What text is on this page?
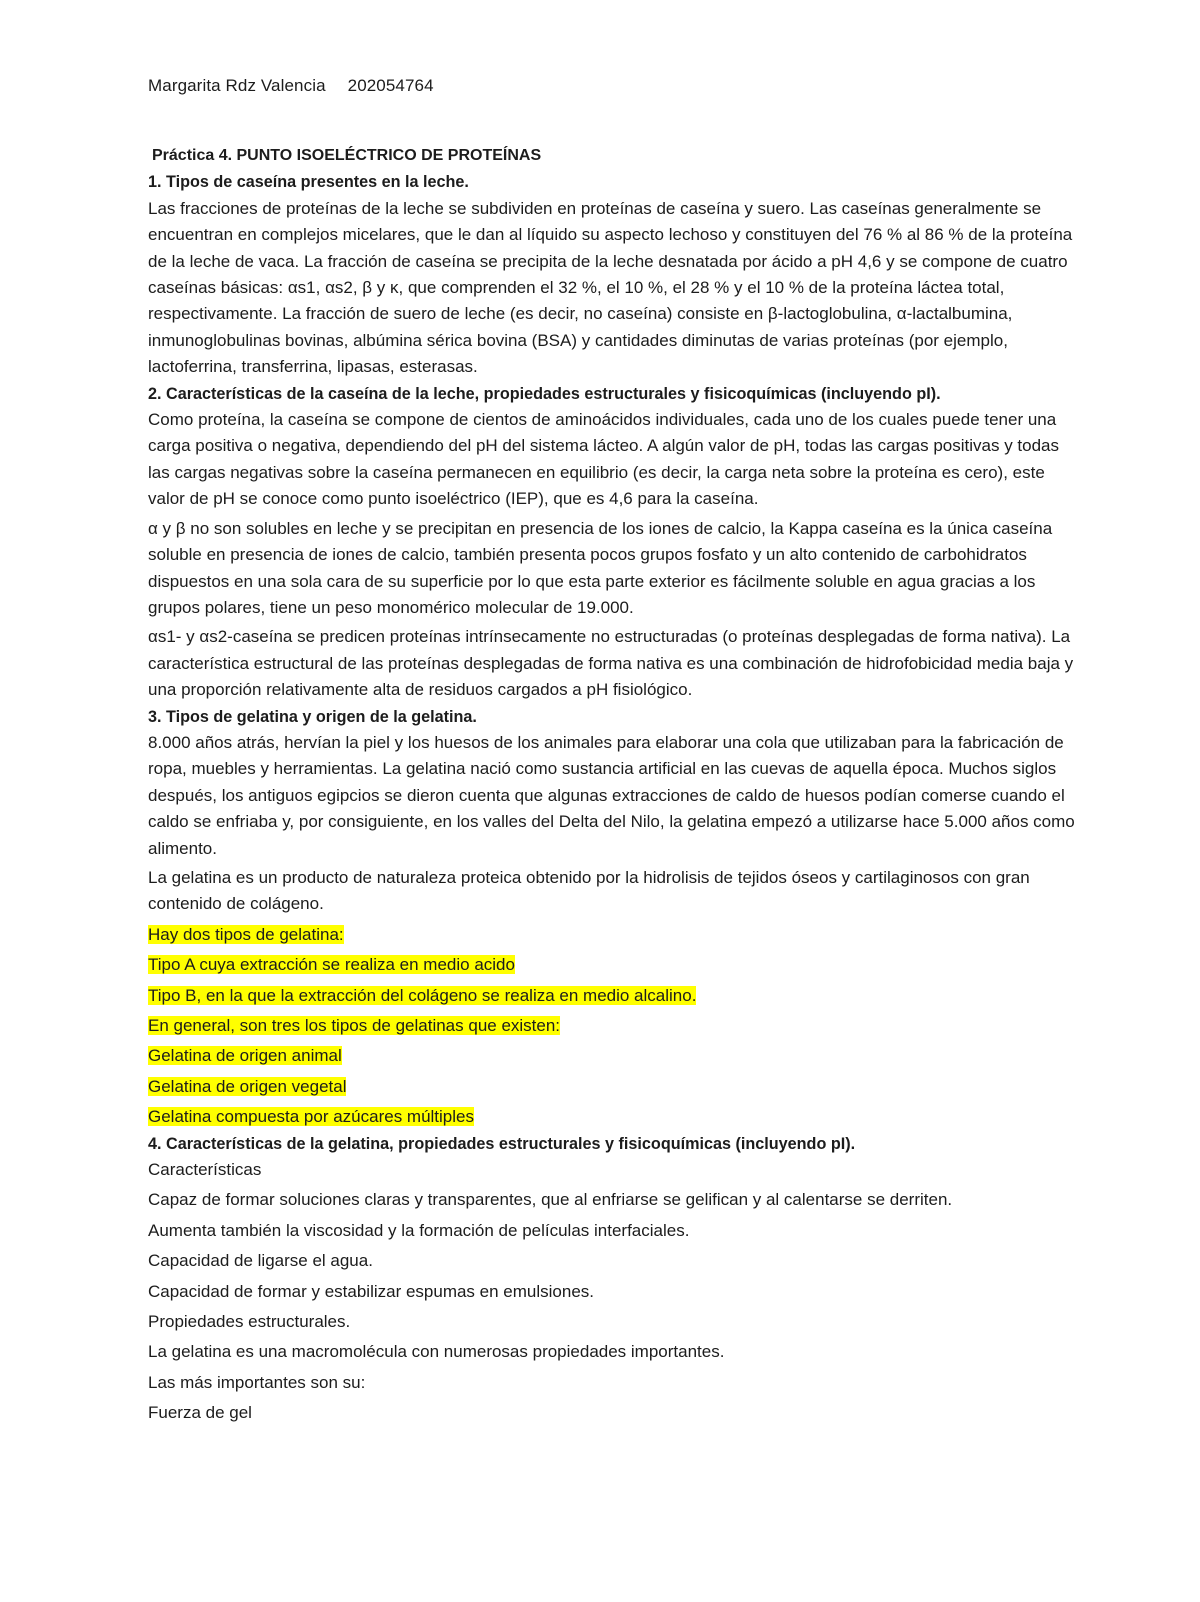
Margarita Rdz Valencia 202054764

Práctica 4. PUNTO ISOELÉCTRICO DE PROTEÍNAS

1. Tipos de caseína presentes en la leche.

Las fracciones de proteínas de la leche se subdividen en proteínas de caseína y suero. Las caseínas generalmente se encuentran en complejos micelares, que le dan al líquido su aspecto lechoso y constituyen del 76 % al 86 % de la proteína de la leche de vaca. La fracción de caseína se precipita de la leche desnatada por ácido a pH 4,6 y se compone de cuatro caseínas básicas: αs1, αs2, β y κ, que comprenden el 32 %, el 10 %, el 28 % y el 10 % de la proteína láctea total, respectivamente. La fracción de suero de leche (es decir, no caseína) consiste en β-lactoglobulina, α-lactalbumina, inmunoglobulinas bovinas, albúmina sérica bovina (BSA) y cantidades diminutas de varias proteínas (por ejemplo, lactoferrina, transferrina, lipasas, esterasas.

2. Características de la caseína de la leche, propiedades estructurales y fisicoquímicas (incluyendo pI).

Como proteína, la caseína se compone de cientos de aminoácidos individuales, cada uno de los cuales puede tener una carga positiva o negativa, dependiendo del pH del sistema lácteo. A algún valor de pH, todas las cargas positivas y todas las cargas negativas sobre la caseína permanecen en equilibrio (es decir, la carga neta sobre la proteína es cero), este valor de pH se conoce como punto isoeléctrico (IEP), que es 4,6 para la caseína.

α y β no son solubles en leche y se precipitan en presencia de los iones de calcio, la Kappa caseína es la única caseína soluble en presencia de iones de calcio, también presenta pocos grupos fosfato y un alto contenido de carbohidratos dispuestos en una sola cara de su superficie por lo que esta parte exterior es fácilmente soluble en agua gracias a los grupos polares, tiene un peso monomérico molecular de 19.000.

αs1- y αs2-caseína se predicen proteínas intrínsecamente no estructuradas (o proteínas desplegadas de forma nativa). La característica estructural de las proteínas desplegadas de forma nativa es una combinación de hidrofobicidad media baja y una proporción relativamente alta de residuos cargados a pH fisiológico.

3. Tipos de gelatina y origen de la gelatina.

8.000 años atrás, hervían la piel y los huesos de los animales para elaborar una cola que utilizaban para la fabricación de ropa, muebles y herramientas. La gelatina nació como sustancia artificial en las cuevas de aquella época. Muchos siglos después, los antiguos egipcios se dieron cuenta que algunas extracciones de caldo de huesos podían comerse cuando el caldo se enfriaba y, por consiguiente, en los valles del Delta del Nilo, la gelatina empezó a utilizarse hace 5.000 años como alimento.

La gelatina es un producto de naturaleza proteica obtenido por la hidrolisis de tejidos óseos y cartilaginosos con gran contenido de colágeno.

Hay dos tipos de gelatina:

Tipo A cuya extracción se realiza en medio acido

Tipo B, en la que la extracción del colágeno se realiza en medio alcalino.

En general, son tres los tipos de gelatinas que existen:

Gelatina de origen animal

Gelatina de origen vegetal

Gelatina compuesta por azúcares múltiples

4. Características de la gelatina, propiedades estructurales y fisicoquímicas (incluyendo pI).

Características

Capaz de formar soluciones claras y transparentes, que al enfriarse se gelifican y al calentarse se derriten.

Aumenta también la viscosidad y la formación de películas interfaciales.

Capacidad de ligarse el agua.

Capacidad de formar y estabilizar espumas en emulsiones.

Propiedades estructurales.

La gelatina es una macromolécula con numerosas propiedades importantes.

Las más importantes son su:

Fuerza de gel
